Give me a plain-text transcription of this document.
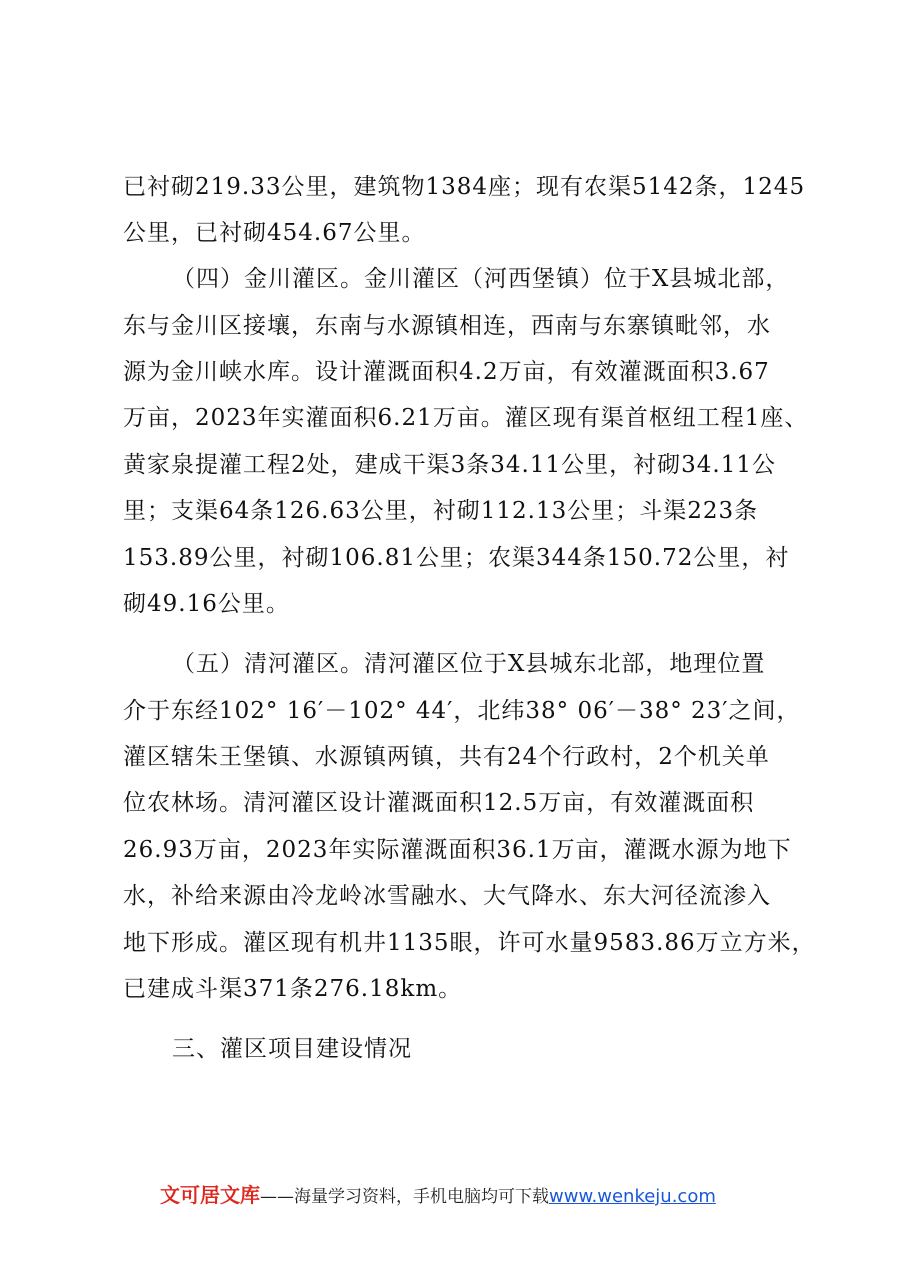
已衬砌219.33公里，建筑物1384座；现有农渠5142条，1245
公里，已衬砌454.67公里。
（四）金川灌区。金川灌区（河西堡镇）位于X县城北部，
东与金川区接壤，东南与水源镇相连，西南与东寨镇毗邻，水
源为金川峡水库。设计灌溉面积4.2万亩，有效灌溉面积3.67
万亩，2023年实灌面积6.21万亩。灌区现有渠首枢纽工程1座、
黄家泉提灌工程2处，建成干渠3条34.11公里，衬砌34.11公
里；支渠64条126.63公里，衬砌112.13公里；斗渠223条
153.89公里，衬砌106.81公里；农渠344条150.72公里，衬
砌49.16公里。
（五）清河灌区。清河灌区位于X县城东北部，地理位置
介于东经102° 16′－102° 44′，北纬38° 06′－38° 23′之间，
灌区辖朱王堡镇、水源镇两镇，共有24个行政村，2个机关单
位农林场。清河灌区设计灌溉面积12.5万亩，有效灌溉面积
26.93万亩，2023年实际灌溉面积36.1万亩，灌溉水源为地下
水，补给来源由冷龙岭冰雪融水、大气降水、东大河径流渗入
地下形成。灌区现有机井1135眼，许可水量9583.86万立方米，
已建成斗渠371条276.18km。
三、灌区项目建设情况
文可居文库——海量学习资料，手机电脑均可下载www.wenkeju.com
